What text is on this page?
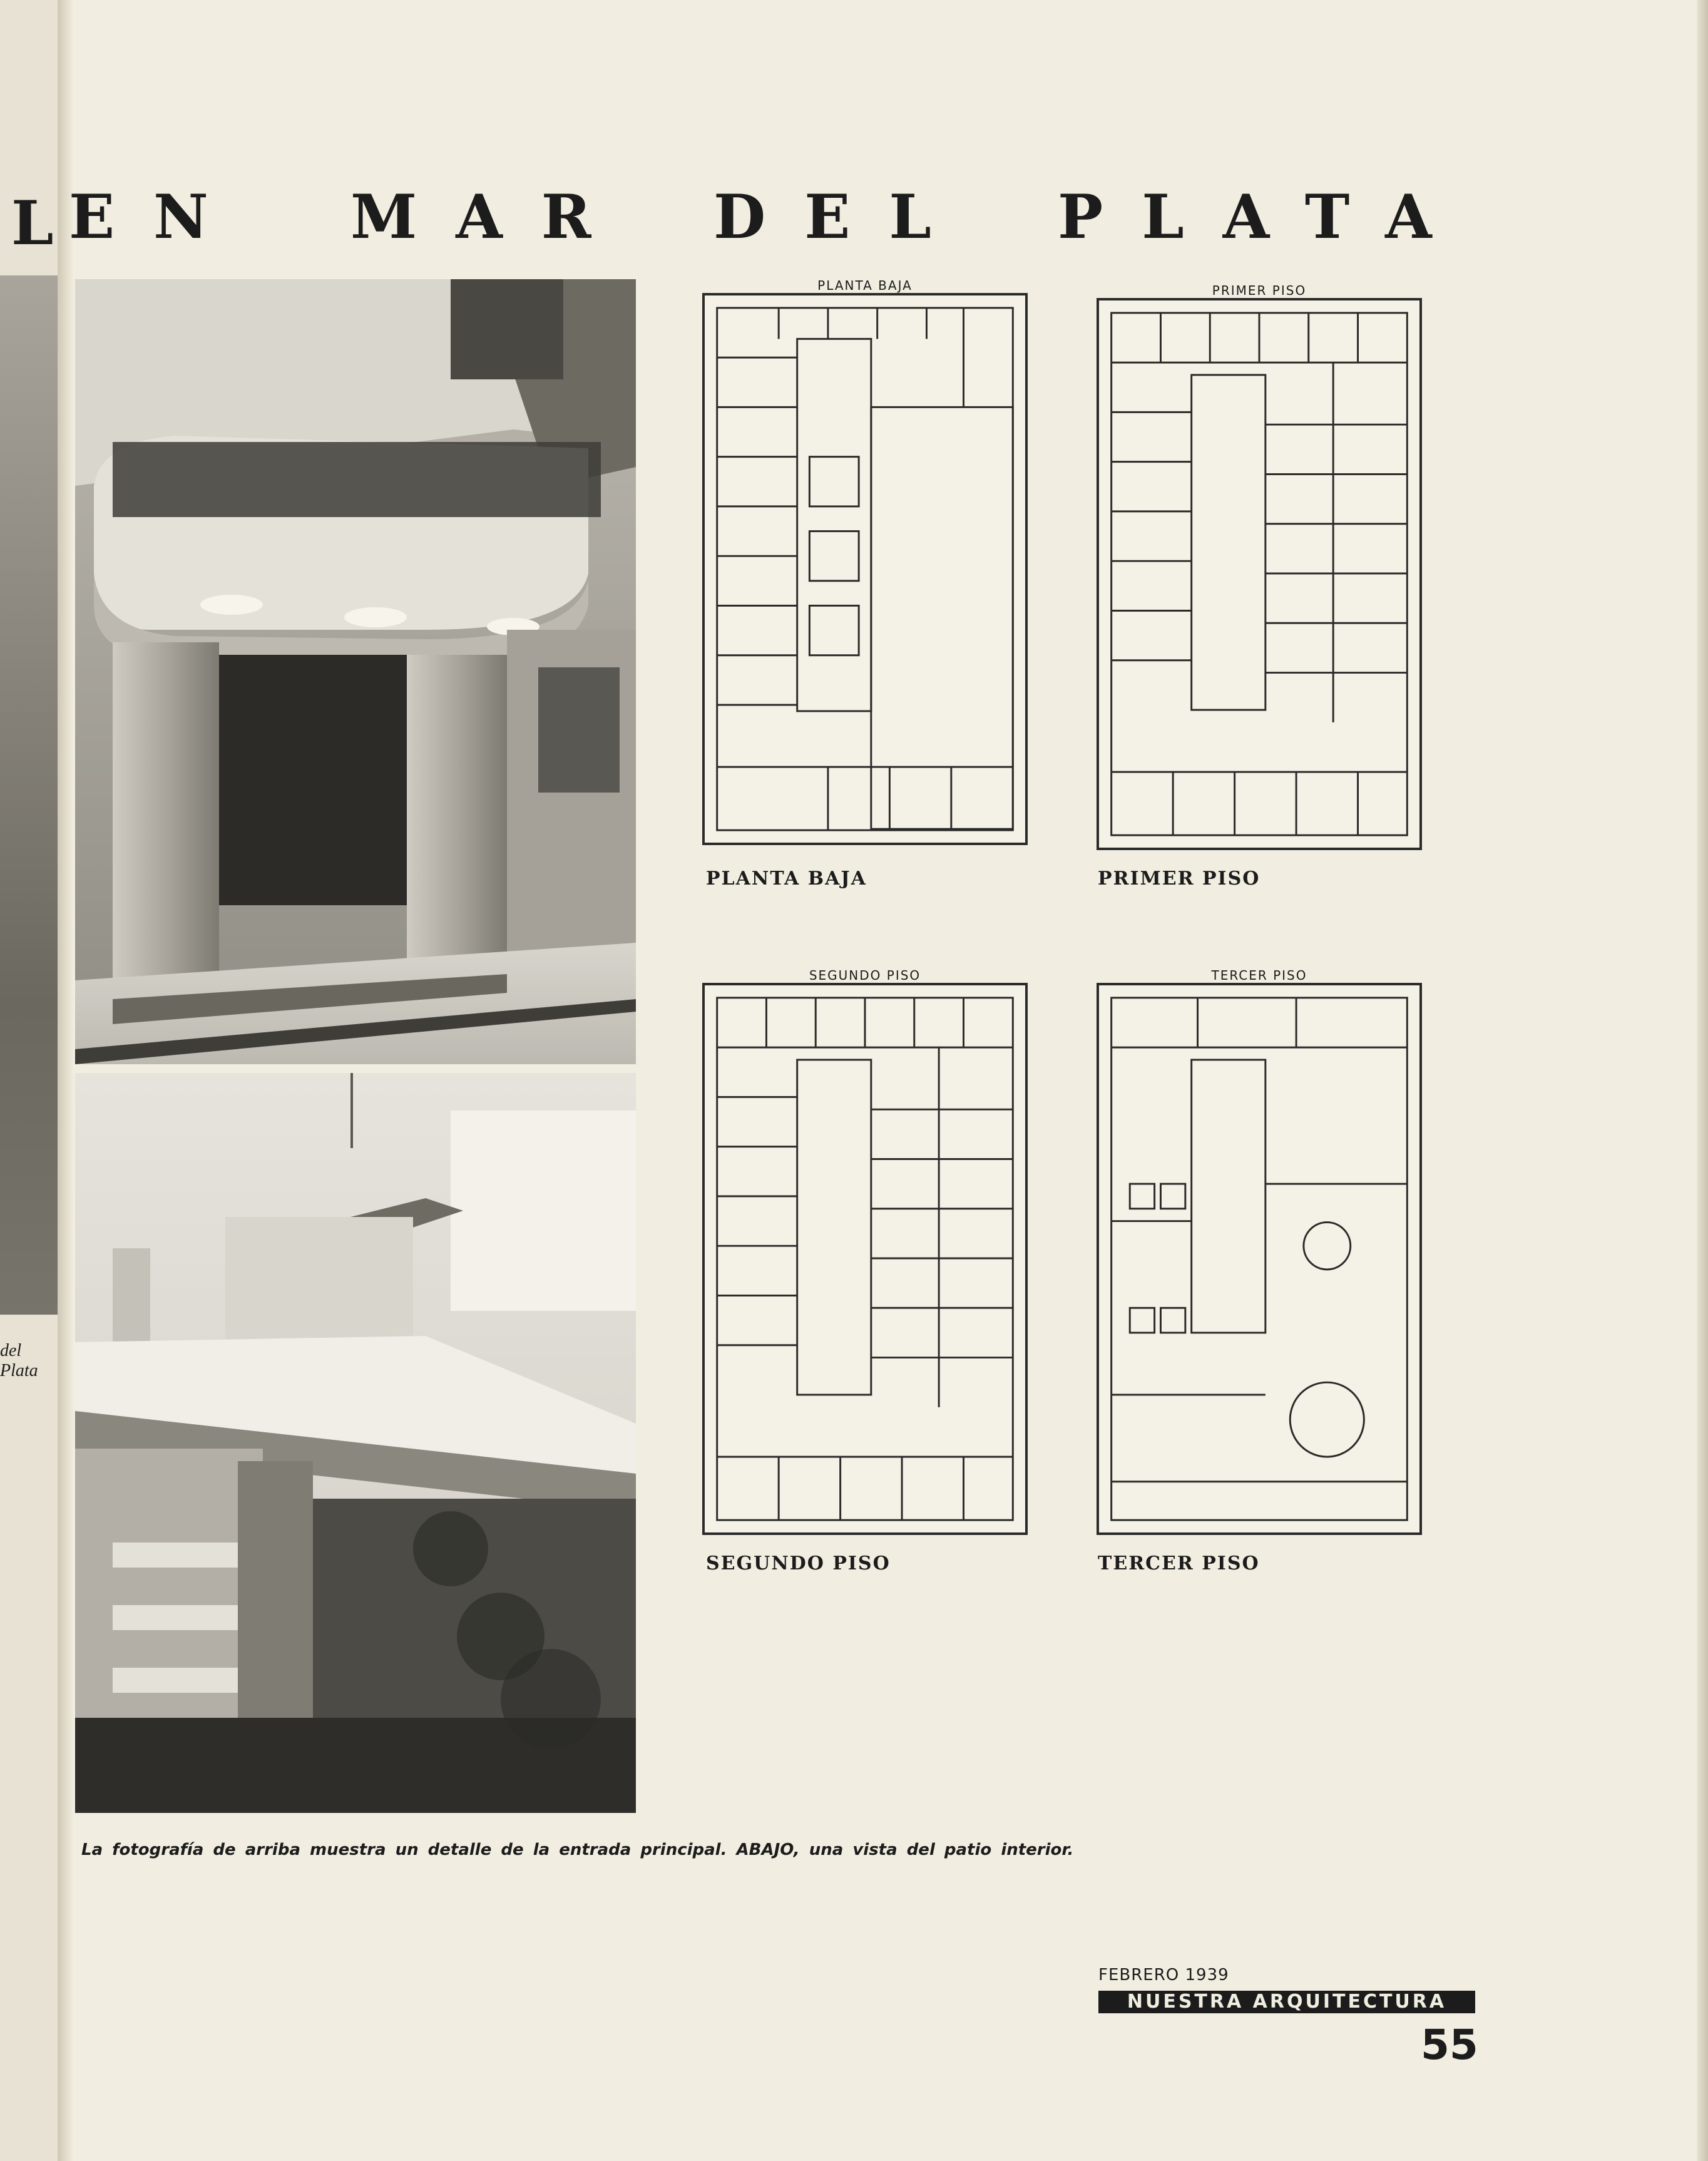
L
del Plata
EN MAR DEL PLATA
PLANTA BAJA
PLANTA BAJA
PRIMER PISO
PRIMER PISO
SEGUNDO PISO
SEGUNDO PISO
TERCER PISO
TERCER PISO
La fotografía de arriba muestra un detalle de la entrada principal. ABAJO, una vista del patio interior.
FEBRERO 1939
NUESTRA ARQUITECTURA
55
